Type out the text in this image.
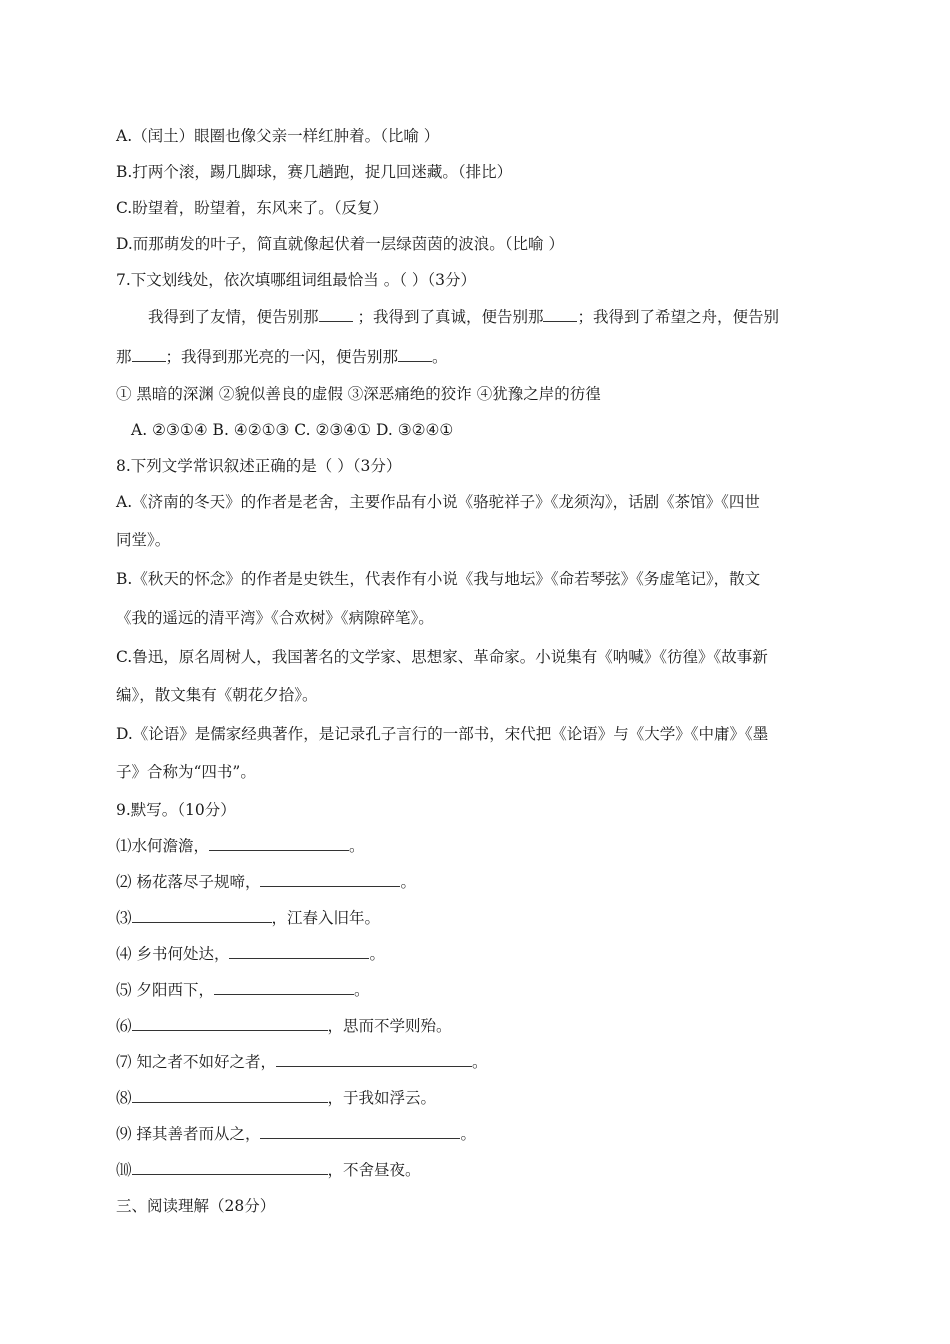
A.（闰土）眼圈也像父亲一样红肿着。（比喻 ）
B.打两个滚，踢几脚球，赛几趟跑，捉几回迷藏。（排比）
C.盼望着，盼望着，东风来了。（反复）
D.而那萌发的叶子，简直就像起伏着一层绿茵茵的波浪。（比喻 ）
7.下文划线处，依次填哪组词组最恰当 。（ ）（3分）
我得到了友情，便告别那	；我得到了真诚，便告别那 ；我得到了希望之舟，便告别
那 ；我得到那光亮的一闪，便告别那 。
① 黑暗的深渊 ②貌似善良的虚假 ③深恶痛绝的狡诈 ④犹豫之岸的彷徨
A. ②③①④ B. ④②①③ C. ②③④① D. ③②④①
8.下列文学常识叙述正确的是（ ）（3分）
A.《济南的冬天》的作者是老舍，主要作品有小说《骆驼祥子》《龙须沟》，话剧《茶馆》《四世
同堂》。
B.《秋天的怀念》的作者是史铁生，代表作有小说《我与地坛》《命若琴弦》《务虚笔记》，散文
《我的遥远的清平湾》《合欢树》《病隙碎笔》。
C.鲁迅，原名周树人，我国著名的文学家、思想家、革命家。小说集有《呐喊》《彷徨》《故事新
编》，散文集有《朝花夕拾》。
D.《论语》是儒家经典著作，是记录孔子言行的一部书，宋代把《论语》与《大学》《中庸》《墨
子》合称为“四书”。
9.默写。（10分）
⑴水何澹澹，	。
⑵ 杨花落尽子规啼，	。
⑶	，江春入旧年。
⑷ 乡书何处达，	。
⑸ 夕阳西下，	。
⑹	，思而不学则殆。
⑺ 知之者不如好之者，	。
⑻	，于我如浮云。
⑼ 择其善者而从之，	。
⑽	，不舍昼夜。
三、阅读理解（28分）
